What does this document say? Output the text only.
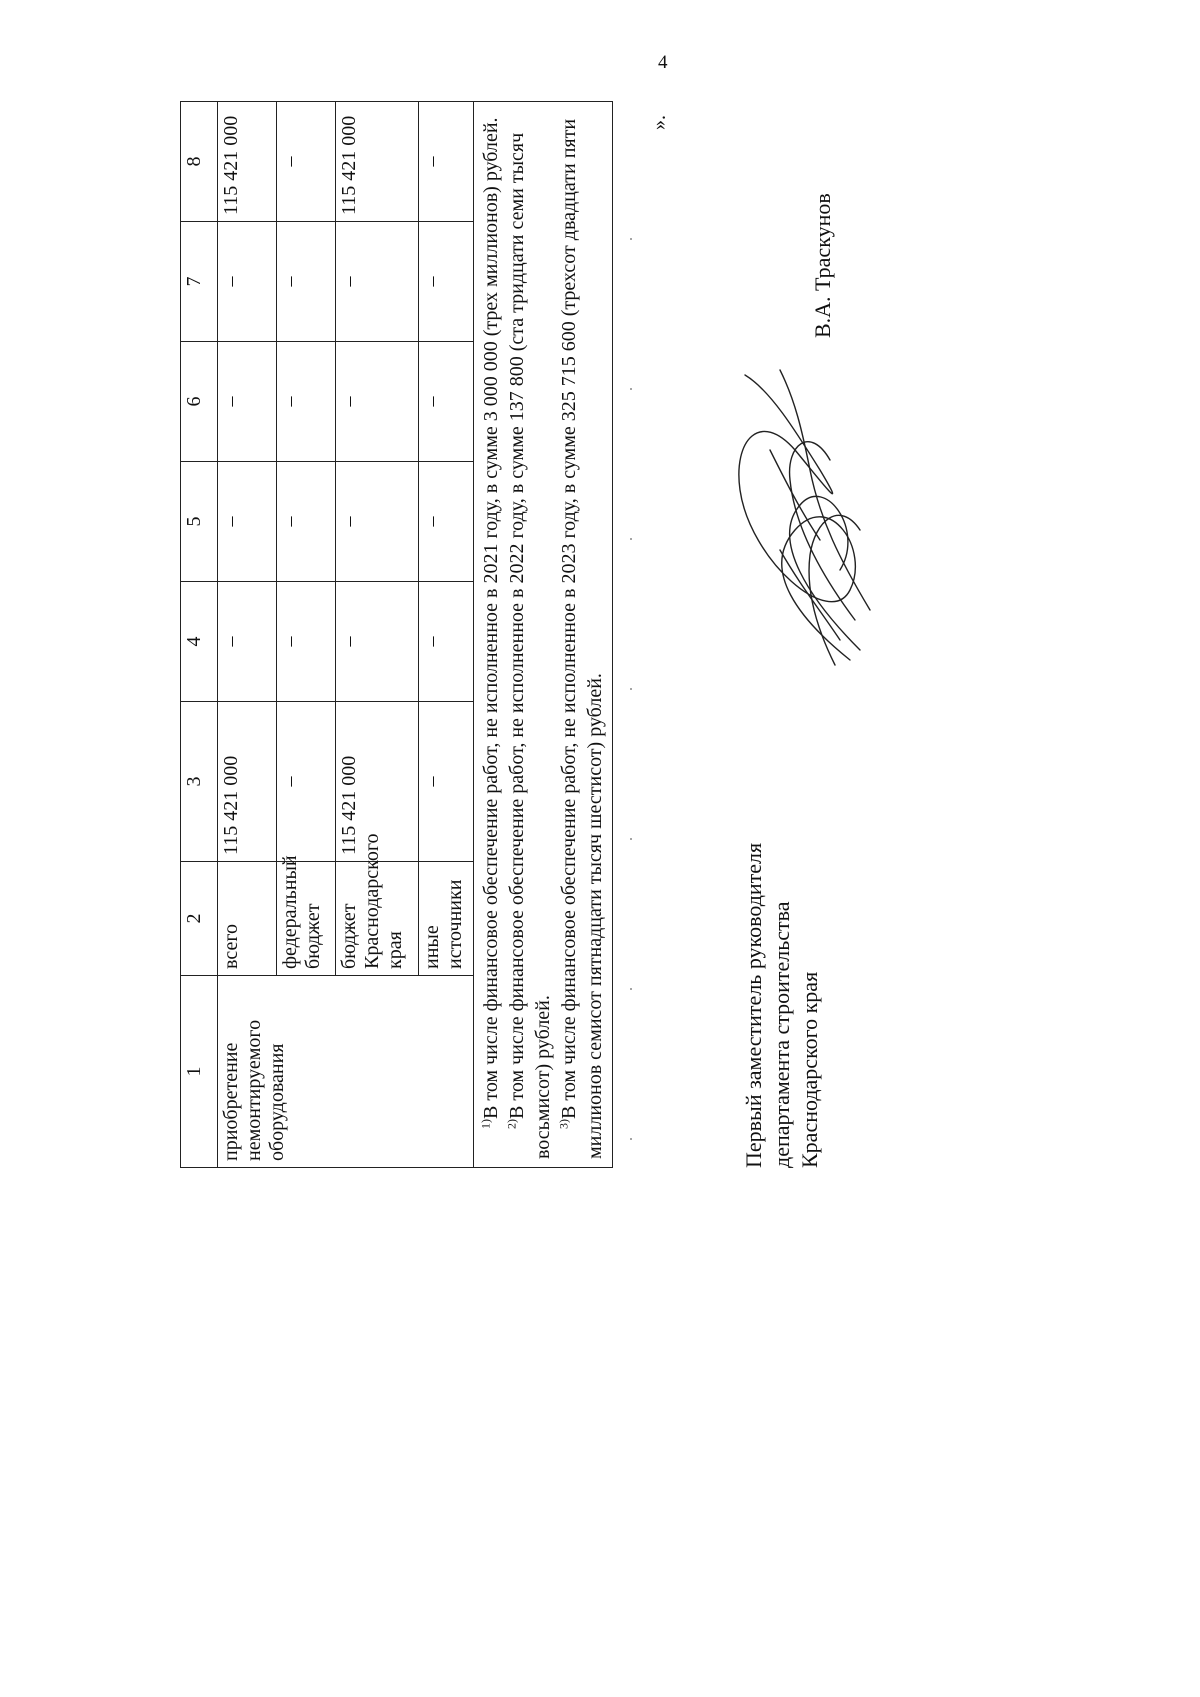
4
1	2	3	4	5	6	7	8

приобретение немонтируемого оборудования	всего	115 421 000	–	–	–	–	115 421 000
	федеральный бюджет	–	–	–	–	–	–
	бюджет Краснодарского края	115 421 000	–	–	–	–	115 421 000
	иные источники	–	–	–	–	–	–

$^{1)}$В том числе финансовое обеспечение работ, не исполненное в 2021 году, в сумме 3 000 000 (трех миллионов) рублей.

$^{2)}$В том числе финансовое обеспечение работ, не исполненное в 2022 году, в сумме 137 800 (ста тридцати семи тысяч восьмисот) рублей. $^{3)}$В том числе финансовое обеспечение работ, не исполненное в 2023 году, в сумме 325 715 600 (трехсот двадцати пяти миллионов семисот пятнадцати тысяч шестисот) рублей.							

».
Первый заместитель руководителя департамента строительства Краснодарского края
В.А. Траскунов
